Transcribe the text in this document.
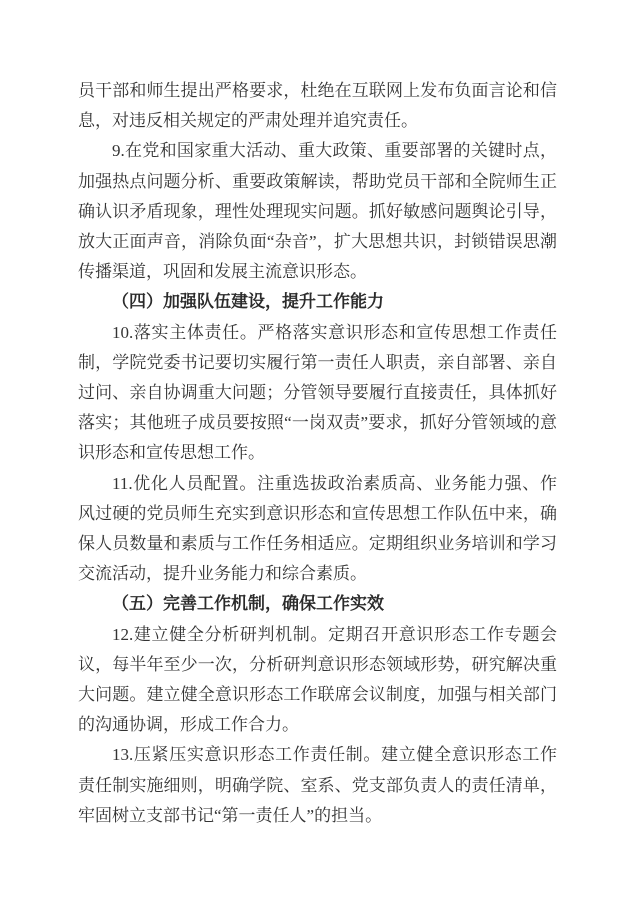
员干部和师生提出严格要求，杜绝在互联网上发布负面言论和信息，对违反相关规定的严肃处理并追究责任。

9.在党和国家重大活动、重大政策、重要部署的关键时点，加强热点问题分析、重要政策解读，帮助党员干部和全院师生正确认识矛盾现象，理性处理现实问题。抓好敏感问题舆论引导，放大正面声音，消除负面“杂音”，扩大思想共识，封锁错误思潮传播渠道，巩固和发展主流意识形态。

（四）加强队伍建设，提升工作能力

10.落实主体责任。严格落实意识形态和宣传思想工作责任制，学院党委书记要切实履行第一责任人职责，亲自部署、亲自过问、亲自协调重大问题；分管领导要履行直接责任，具体抓好落实；其他班子成员要按照“一岗双责”要求，抓好分管领域的意识形态和宣传思想工作。

11.优化人员配置。注重选拔政治素质高、业务能力强、作风过硬的党员师生充实到意识形态和宣传思想工作队伍中来，确保人员数量和素质与工作任务相适应。定期组织业务培训和学习交流活动，提升业务能力和综合素质。

（五）完善工作机制，确保工作实效

12.建立健全分析研判机制。定期召开意识形态工作专题会议，每半年至少一次，分析研判意识形态领域形势，研究解决重大问题。建立健全意识形态工作联席会议制度，加强与相关部门的沟通协调，形成工作合力。

13.压紧压实意识形态工作责任制。建立健全意识形态工作责任制实施细则，明确学院、室系、党支部负责人的责任清单，牢固树立支部书记“第一责任人”的担当。
